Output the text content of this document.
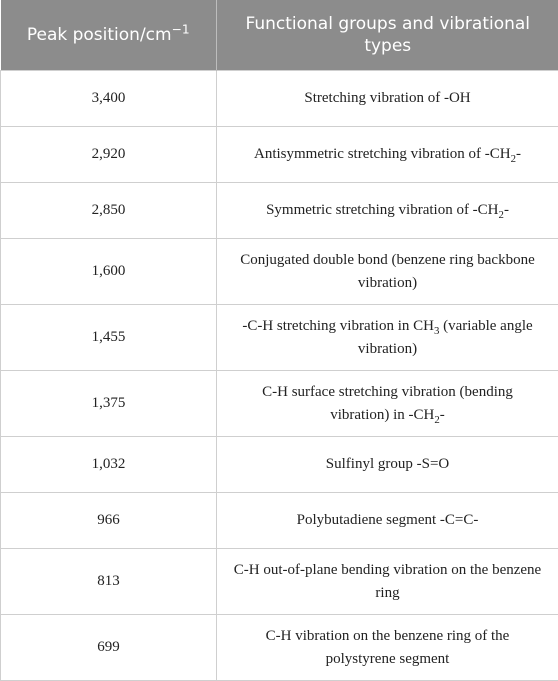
Peak position/$cm^{-1}$	Functional groups and vibrational types
3,400	Stretching vibration of -OH
2,920	Antisymmetric stretching vibration of $-CH_2-$
2,850	Symmetric stretching vibration of $-CH_2-$
1,600	Conjugated double bond (benzene ring backbone vibration)
1,455	-C-H stretching vibration in $CH_3$ (variable angle vibration)
1,375	C-H surface stretching vibration (bending vibration) in $-CH_2-$
1,032	Sulfinyl group -S=O
966	Polybutadiene segment -C=C-
813	C-H out-of-plane bending vibration on the benzene ring
699	C-H vibration on the benzene ring of the polystyrene segment
